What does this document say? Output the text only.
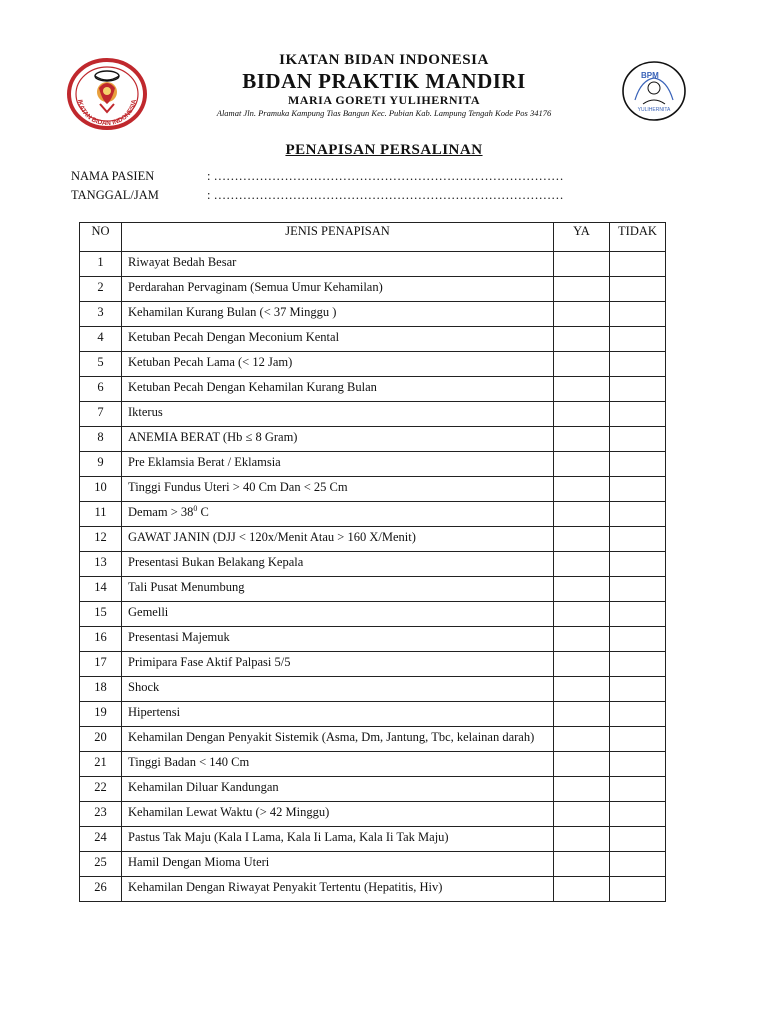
IKATAN BIDAN INDONESIA
BPM
YULIHERNITA
IKATAN BIDAN INDONESIA
BIDAN PRAKTIK MANDIRI
MARIA GORETI YULIHERNITA
Alamat Jln. Pramuka Kampung Tias Bangun Kec. Pubian Kab. Lampung Tengah Kode Pos 34176
PENAPISAN PERSALINAN
NAMA PASIEN	: …………………………………………………………………………
TANGGAL/JAM	: …………………………………………………………………………
NO	JENIS PENAPISAN	YA	TIDAK
1	Riwayat Bedah Besar		
2	Perdarahan Pervaginam (Semua Umur Kehamilan)		
3	Kehamilan Kurang Bulan (< 37 Minggu )		
4	Ketuban Pecah Dengan Meconium Kental		
5	Ketuban Pecah Lama (< 12 Jam)		
6	Ketuban Pecah Dengan Kehamilan Kurang Bulan		
7	Ikterus		
8	ANEMIA BERAT (Hb ≤ 8 Gram)		
9	Pre Eklamsia Berat / Eklamsia		
10	Tinggi Fundus Uteri > 40 Cm Dan < 25 Cm		
11	Demam > $38^0$ C		
12	GAWAT JANIN (DJJ < 120x/Menit Atau > 160 X/Menit)		
13	Presentasi Bukan Belakang Kepala		
14	Tali Pusat Menumbung		
15	Gemelli		
16	Presentasi Majemuk		
17	Primipara Fase Aktif Palpasi 5/5		
18	Shock		
19	Hipertensi		
20	Kehamilan Dengan Penyakit Sistemik (Asma, Dm, Jantung, Tbc, kelainan darah)		
21	Tinggi Badan < 140 Cm		
22	Kehamilan Diluar Kandungan		
23	Kehamilan Lewat Waktu (> 42 Minggu)		
24	Pastus Tak Maju (Kala I Lama, Kala Ii Lama, Kala Ii Tak Maju)		
25	Hamil Dengan Mioma Uteri		
26	Kehamilan Dengan Riwayat Penyakit Tertentu (Hepatitis, Hiv)		
